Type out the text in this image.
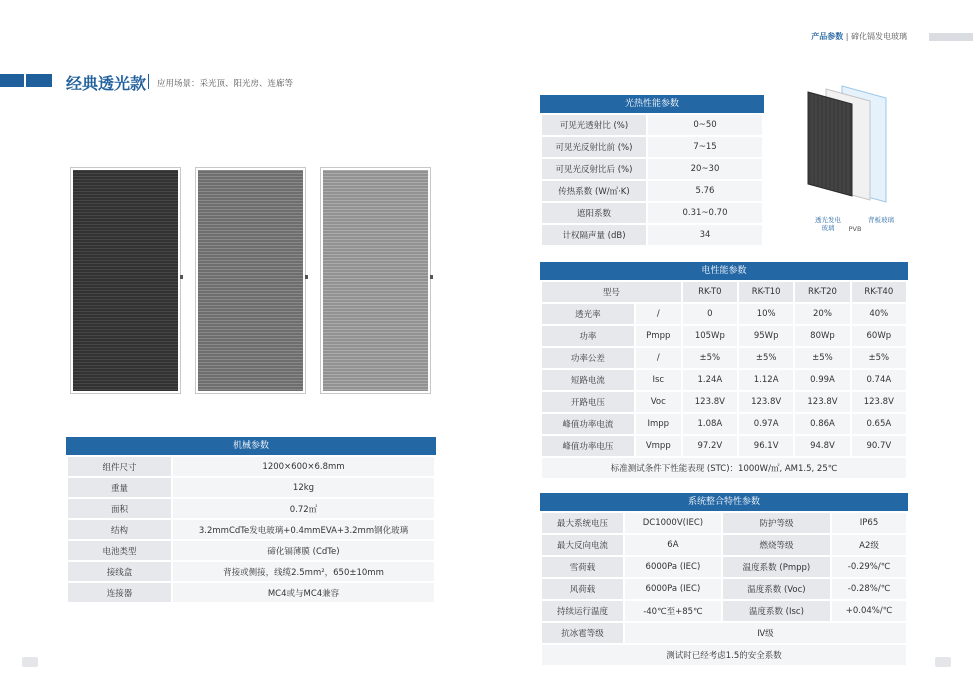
产品参数 | 碲化镉发电玻璃
经典透光款 应用场景：采光顶、阳光房、连廊等
机械参数
组件尺寸	1200×600×6.8mm
重量	12kg
面积	0.72㎡
结构	3.2mmCdTe发电玻璃+0.4mmEVA+3.2mm钢化玻璃
电池类型	碲化镉薄膜 (CdTe)
接线盒	背接或侧接，线缆2.5mm²，650±10mm
连接器	MC4或与MC4兼容
光热性能参数
可见光透射比 (%)	0~50
可见光反射比前 (%)	7~15
可见光反射比后 (%)	20~30
传热系数 (W/㎡·K)	5.76
遮阳系数	0.31~0.70
计权隔声量 (dB)	34
透光发电
玻璃	PVB
背板玻璃
电性能参数
型号		RK-T0	RK-T10	RK-T20	RK-T40
透光率	/	0	10%	20%	40%
功率	Pmpp	105Wp	95Wp	80Wp	60Wp
功率公差	/	±5%	±5%	±5%	±5%
短路电流	Isc	1.24A	1.12A	0.99A	0.74A
开路电压	Voc	123.8V	123.8V	123.8V	123.8V
峰值功率电流	Impp	1.08A	0.97A	0.86A	0.65A
峰值功率电压	Vmpp	97.2V	96.1V	94.8V	90.7V
标准测试条件下性能表现 (STC)：1000W/㎡, AM1.5, 25℃					
系统整合特性参数
最大系统电压	DC1000V(IEC)	防护等级	IP65
最大反向电流	6A	燃烧等级	A2级
雪荷载	6000Pa (IEC)	温度系数 (Pmpp)	-0.29%/℃
风荷载	6000Pa (IEC)	温度系数 (Voc)	-0.28%/℃
持续运行温度	-40℃至+85℃	温度系数 (Isc)	+0.04%/℃
抗冰雹等级	Ⅳ级		
测试时已经考虑1.5的安全系数			
